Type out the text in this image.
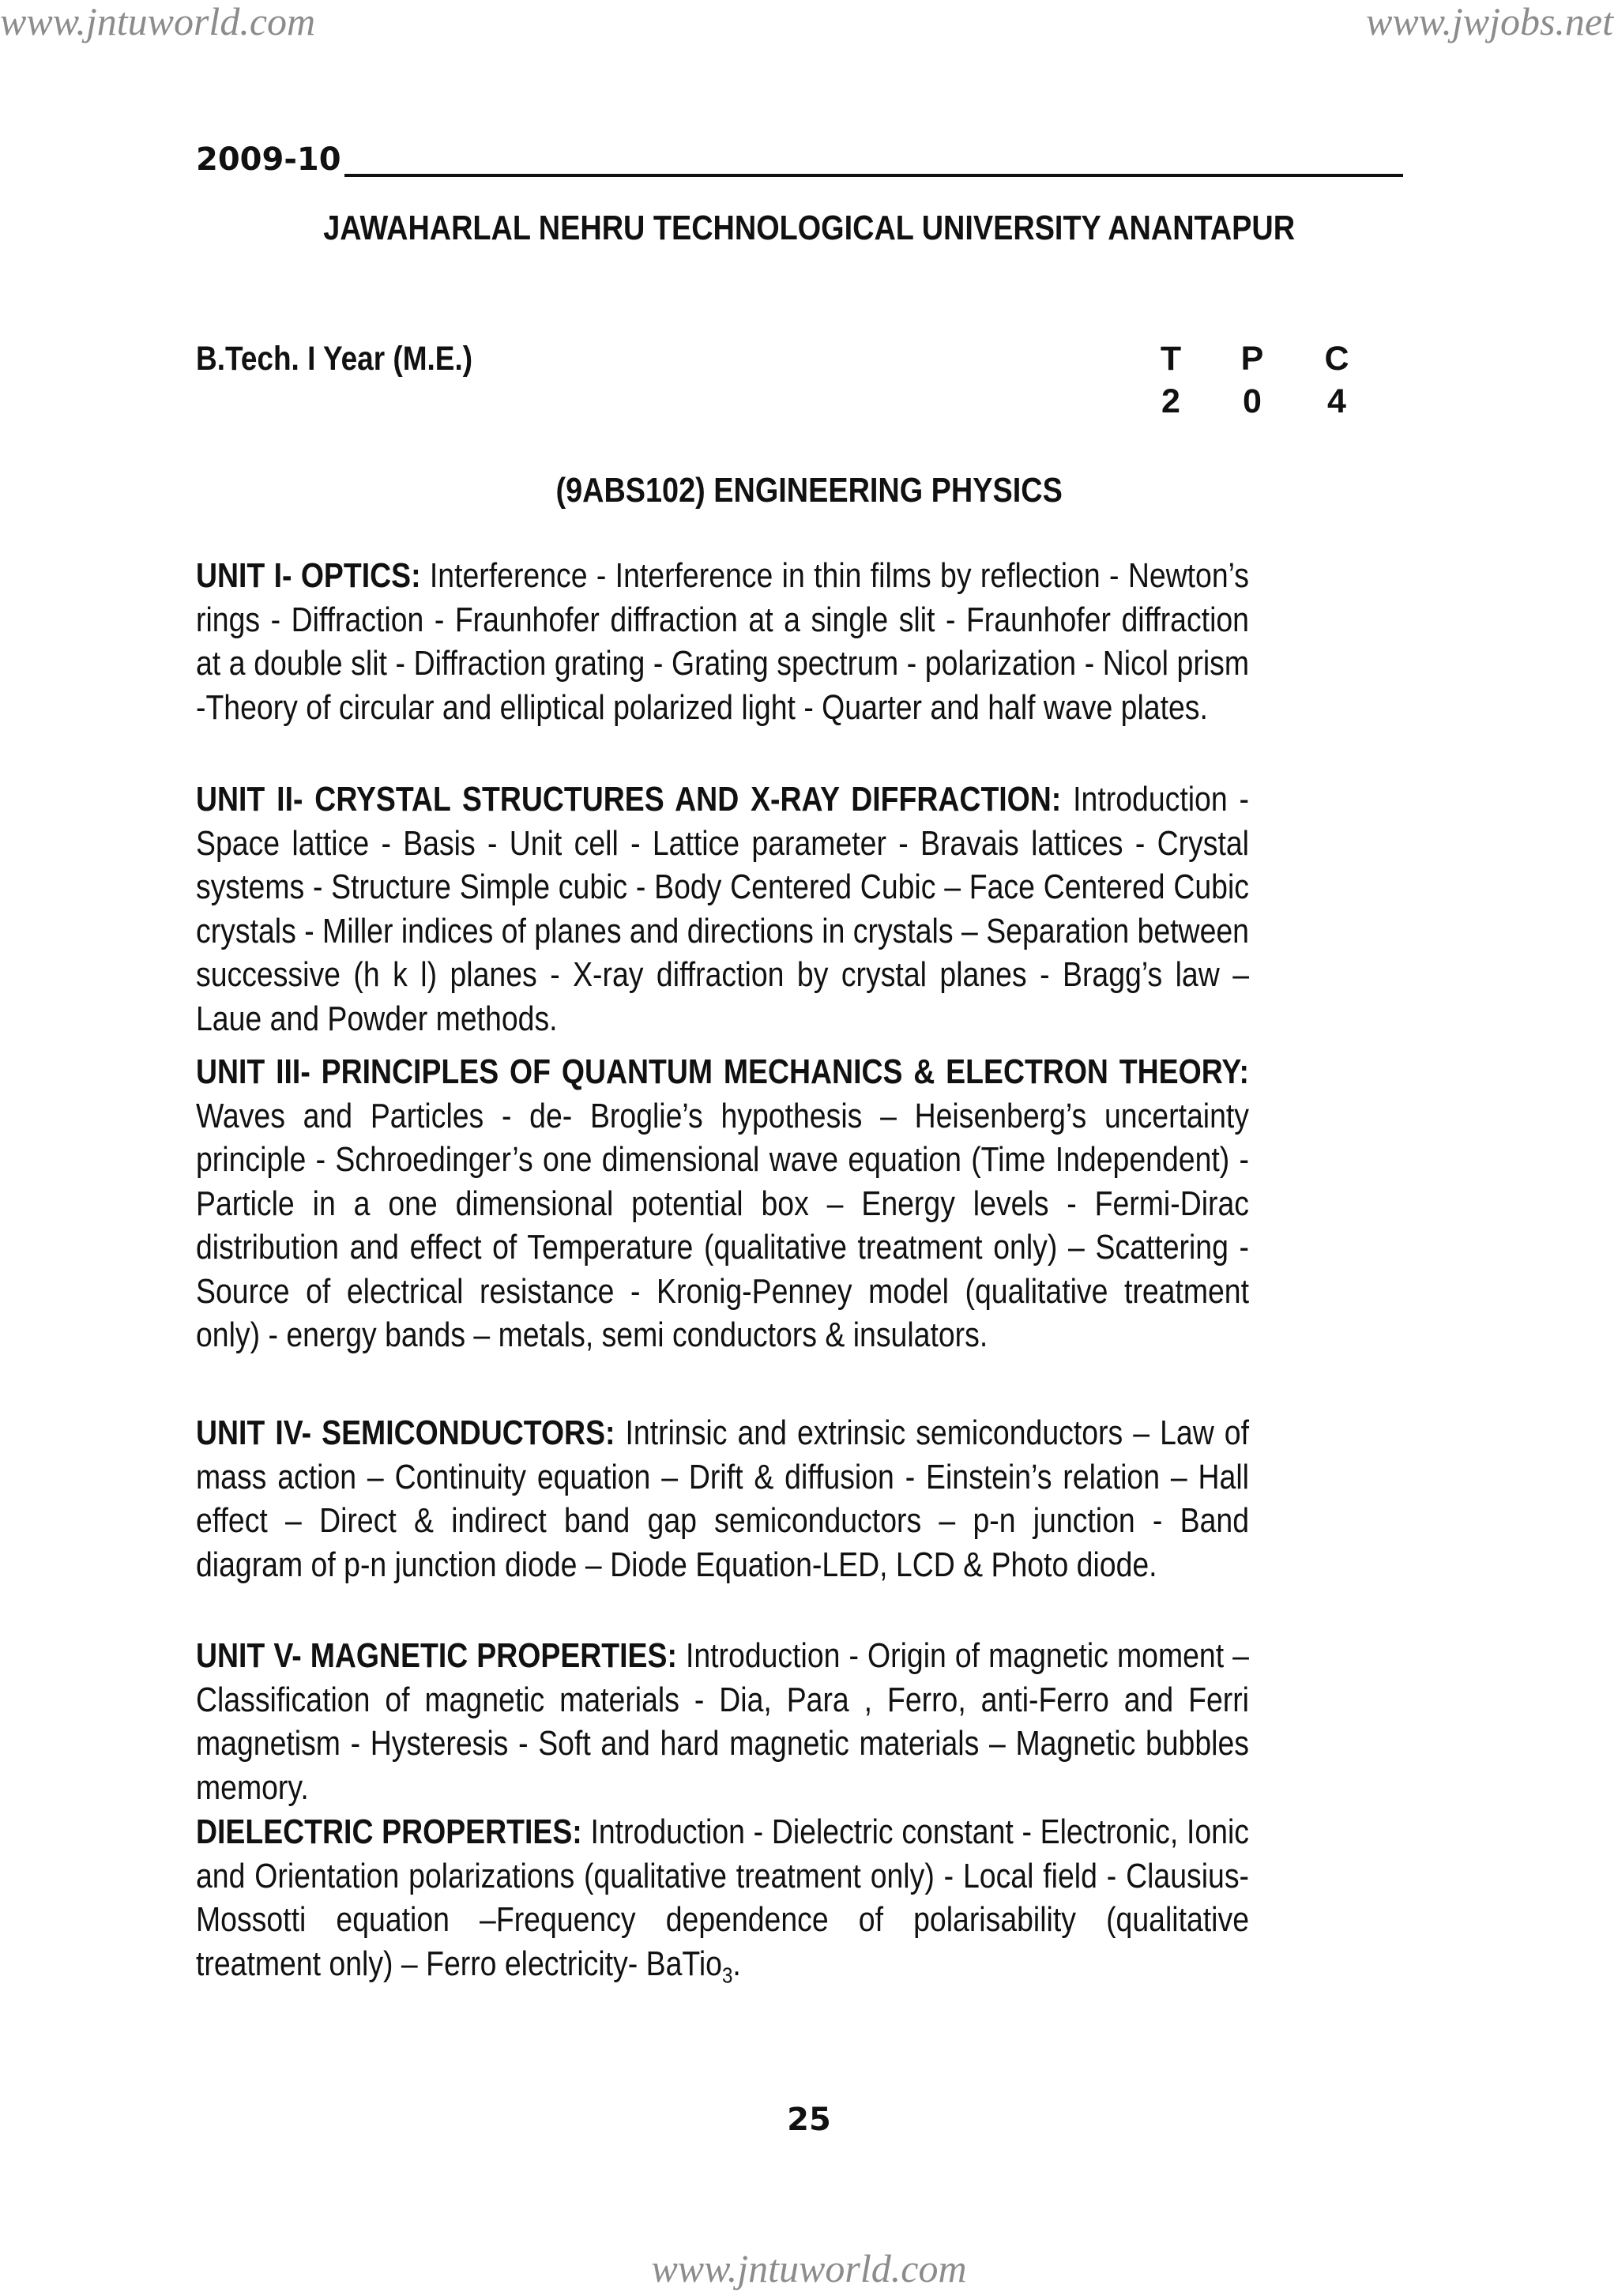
www.jntuworld.com	www.jwjobs.net
2009-10
JAWAHARLAL NEHRU TECHNOLOGICAL UNIVERSITY ANANTAPUR
B.Tech. I Year (M.E.)	T	P	C
2	0	4
(9ABS102) ENGINEERING PHYSICS
UNIT I- OPTICS: Interference - Interference in thin films by reflection - Newton’s rings - Diffraction - Fraunhofer diffraction at a single slit - Fraunhofer diffraction at a double slit - Diffraction grating - Grating spectrum - polarization - Nicol prism -Theory of circular and elliptical polarized light - Quarter and half wave plates.
UNIT II- CRYSTAL STRUCTURES AND X-RAY DIFFRACTION: Introduction -Space lattice - Basis - Unit cell - Lattice parameter - Bravais lattices - Crystal systems - Structure Simple cubic - Body Centered Cubic – Face Centered Cubic crystals - Miller indices of planes and directions in crystals – Separation between successive (h k l) planes - X-ray diffraction by crystal planes - Bragg’s law – Laue and Powder methods.
UNIT III- PRINCIPLES OF QUANTUM MECHANICS & ELECTRON THEORY: Waves and Particles - de- Broglie’s hypothesis – Heisenberg’s uncertainty principle - Schroedinger’s one dimensional wave equation (Time Independent) - Particle in a one dimensional potential box – Energy levels - Fermi-Dirac distribution and effect of Temperature (qualitative treatment only) – Scattering - Source of electrical resistance - Kronig-Penney model (qualitative treatment only) - energy bands – metals, semi conductors & insulators.
UNIT IV- SEMICONDUCTORS: Intrinsic and extrinsic semiconductors – Law of mass action – Continuity equation – Drift & diffusion - Einstein’s relation – Hall effect – Direct & indirect band gap semiconductors – p-n junction - Band diagram of p-n junction diode – Diode Equation-LED, LCD & Photo diode.
UNIT V- MAGNETIC PROPERTIES: Introduction - Origin of magnetic moment – Classification of magnetic materials - Dia, Para , Ferro, anti-Ferro and Ferri magnetism - Hysteresis - Soft and hard magnetic materials – Magnetic bubbles memory.
DIELECTRIC PROPERTIES: Introduction - Dielectric constant - Electronic, Ionic and Orientation polarizations (qualitative treatment only) - Local field - Clausius-Mossotti equation –Frequency dependence of polarisability (qualitative treatment only) – Ferro electricity- BaTio$_3$.
25
www.jntuworld.com
